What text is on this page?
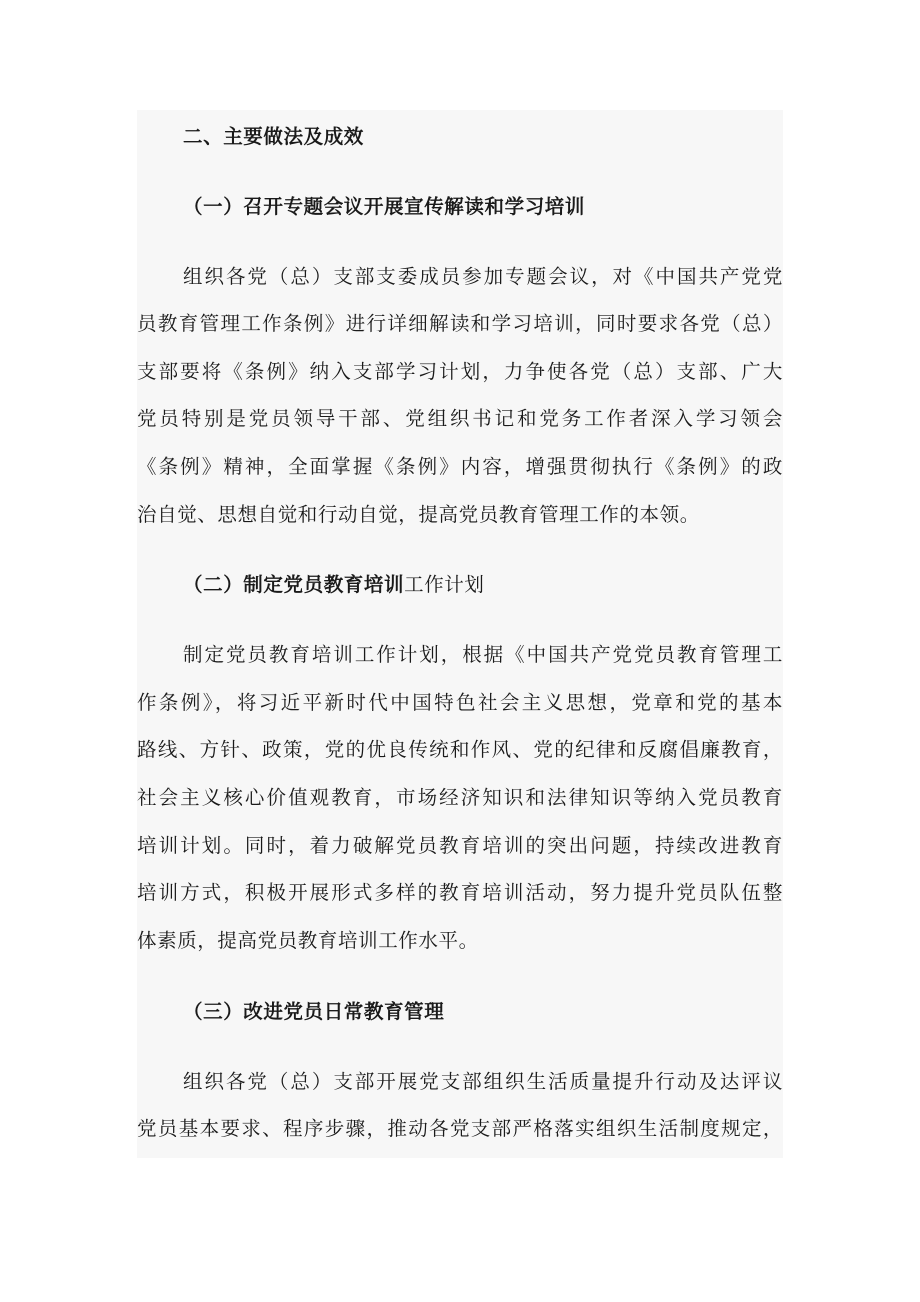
二、主要做法及成效
（一）召开专题会议开展宣传解读和学习培训
组织各党（总）支部支委成员参加专题会议，对《中国共产党党
员教育管理工作条例》进行详细解读和学习培训，同时要求各党（总）
支部要将《条例》纳入支部学习计划，力争使各党（总）支部、广大
党员特别是党员领导干部、党组织书记和党务工作者深入学习领会
《条例》精神，全面掌握《条例》内容，增强贯彻执行《条例》的政
治自觉、思想自觉和行动自觉，提高党员教育管理工作的本领。
（二）制定党员教育培训工作计划
制定党员教育培训工作计划，根据《中国共产党党员教育管理工
作条例》，将习近平新时代中国特色社会主义思想，党章和党的基本
路线、方针、政策，党的优良传统和作风、党的纪律和反腐倡廉教育，
社会主义核心价值观教育，市场经济知识和法律知识等纳入党员教育
培训计划。同时，着力破解党员教育培训的突出问题，持续改进教育
培训方式，积极开展形式多样的教育培训活动，努力提升党员队伍整
体素质，提高党员教育培训工作水平。
（三）改进党员日常教育管理
组织各党（总）支部开展党支部组织生活质量提升行动及达评议
党员基本要求、程序步骤，推动各党支部严格落实组织生活制度规定，
